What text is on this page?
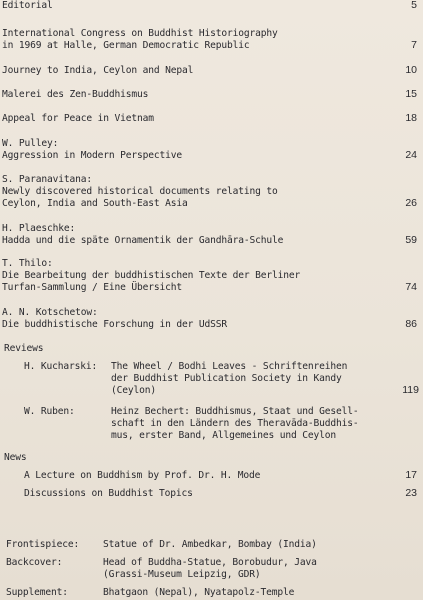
Editorial	5
International Congress on Buddhist Historiography
in 1969 at Halle, German Democratic Republic	7
Journey to India, Ceylon and Nepal	10
Malerei des Zen-Buddhismus	15
Appeal for Peace in Vietnam	18
W. Pulley:
Aggression in Modern Perspective	24
S. Paranavitana:
Newly discovered historical documents relating to
Ceylon, India and South-East Asia	26
H. Plaeschke:
Hadda und die späte Ornamentik der Gandhāra-Schule	59
T. Thilo:
Die Bearbeitung der buddhistischen Texte der Berliner
Turfan-Sammlung / Eine Übersicht	74
A. N. Kotschetow:
Die buddhistische Forschung in der UdSSR	86
Reviews
H. Kucharski: The Wheel / Bodhi Leaves - Schriftenreihen
der Buddhist Publication Society in Kandy
(Ceylon)	119
W. Ruben:	Heinz Bechert: Buddhismus, Staat und Gesell-
schaft in den Ländern des Theravāda-Buddhis-
mus, erster Band, Allgemeines und Ceylon
News
A Lecture on Buddhism by Prof. Dr. H. Mode	17
Discussions on Buddhist Topics	23
Frontispiece: Statue of Dr. Ambedkar, Bombay (India)
Backcover:	Head of Buddha-Statue, Borobudur, Java
(Grassi-Museum Leipzig, GDR)
Supplement:	Bhatgaon (Nepal), Nyatapolz-Temple
